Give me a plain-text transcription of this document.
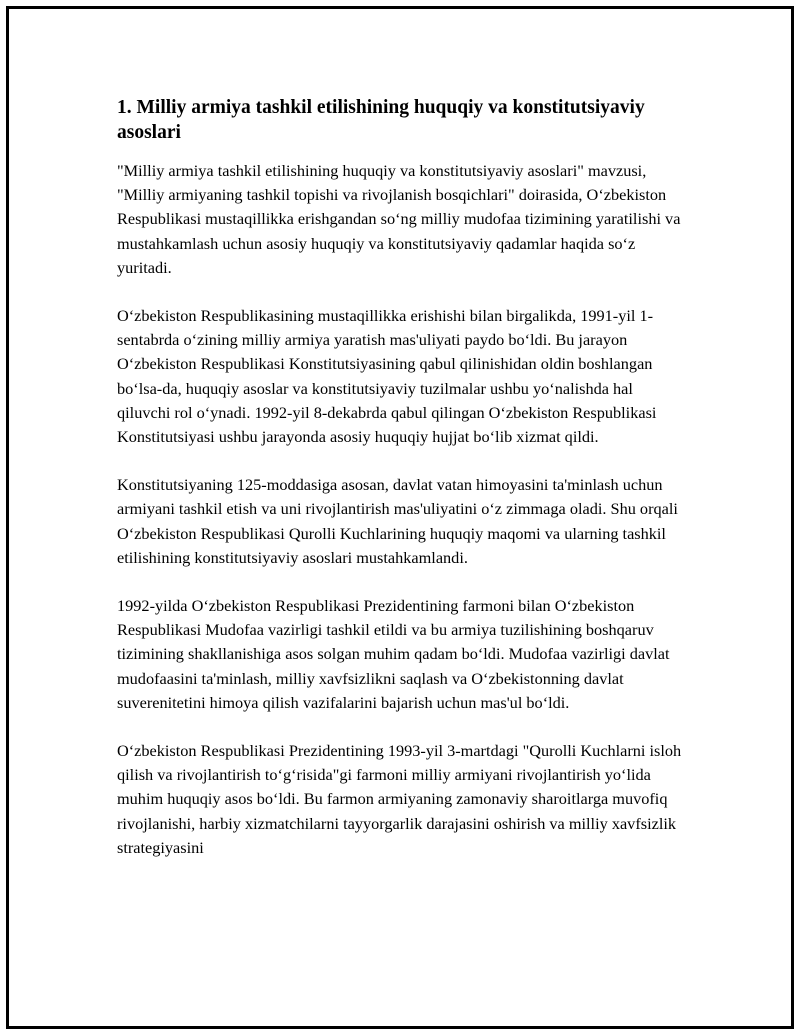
1. Milliy armiya tashkil etilishining huquqiy va konstitutsiyaviy asoslari

"Milliy armiya tashkil etilishining huquqiy va konstitutsiyaviy asoslari" mavzusi, "Milliy armiyaning tashkil topishi va rivojlanish bosqichlari" doirasida, O‘zbekiston Respublikasi mustaqillikka erishgandan so‘ng milliy mudofaa tizimining yaratilishi va mustahkamlash uchun asosiy huquqiy va konstitutsiyaviy qadamlar haqida so‘z yuritadi.

O‘zbekiston Respublikasining mustaqillikka erishishi bilan birgalikda, 1991-yil 1-sentabrda o‘zining milliy armiya yaratish mas'uliyati paydo bo‘ldi. Bu jarayon O‘zbekiston Respublikasi Konstitutsiyasining qabul qilinishidan oldin boshlangan bo‘lsa-da, huquqiy asoslar va konstitutsiyaviy tuzilmalar ushbu yo‘nalishda hal qiluvchi rol o‘ynadi. 1992-yil 8-dekabrda qabul qilingan O‘zbekiston Respublikasi Konstitutsiyasi ushbu jarayonda asosiy huquqiy hujjat bo‘lib xizmat qildi.

Konstitutsiyaning 125-moddasiga asosan, davlat vatan himoyasini ta'minlash uchun armiyani tashkil etish va uni rivojlantirish mas'uliyatini o‘z zimmaga oladi. Shu orqali O‘zbekiston Respublikasi Qurolli Kuchlarining huquqiy maqomi va ularning tashkil etilishining konstitutsiyaviy asoslari mustahkamlandi.

1992-yilda O‘zbekiston Respublikasi Prezidentining farmoni bilan O‘zbekiston Respublikasi Mudofaa vazirligi tashkil etildi va bu armiya tuzilishining boshqaruv tizimining shakllanishiga asos solgan muhim qadam bo‘ldi. Mudofaa vazirligi davlat mudofaasini ta'minlash, milliy xavfsizlikni saqlash va O‘zbekistonning davlat suverenitetini himoya qilish vazifalarini bajarish uchun mas'ul bo‘ldi.

O‘zbekiston Respublikasi Prezidentining 1993-yil 3-martdagi "Qurolli Kuchlarni isloh qilish va rivojlantirish to‘g‘risida"gi farmoni milliy armiyani rivojlantirish yo‘lida muhim huquqiy asos bo‘ldi. Bu farmon armiyaning zamonaviy sharoitlarga muvofiq rivojlanishi, harbiy xizmatchilarni tayyorgarlik darajasini oshirish va milliy xavfsizlik strategiyasini
